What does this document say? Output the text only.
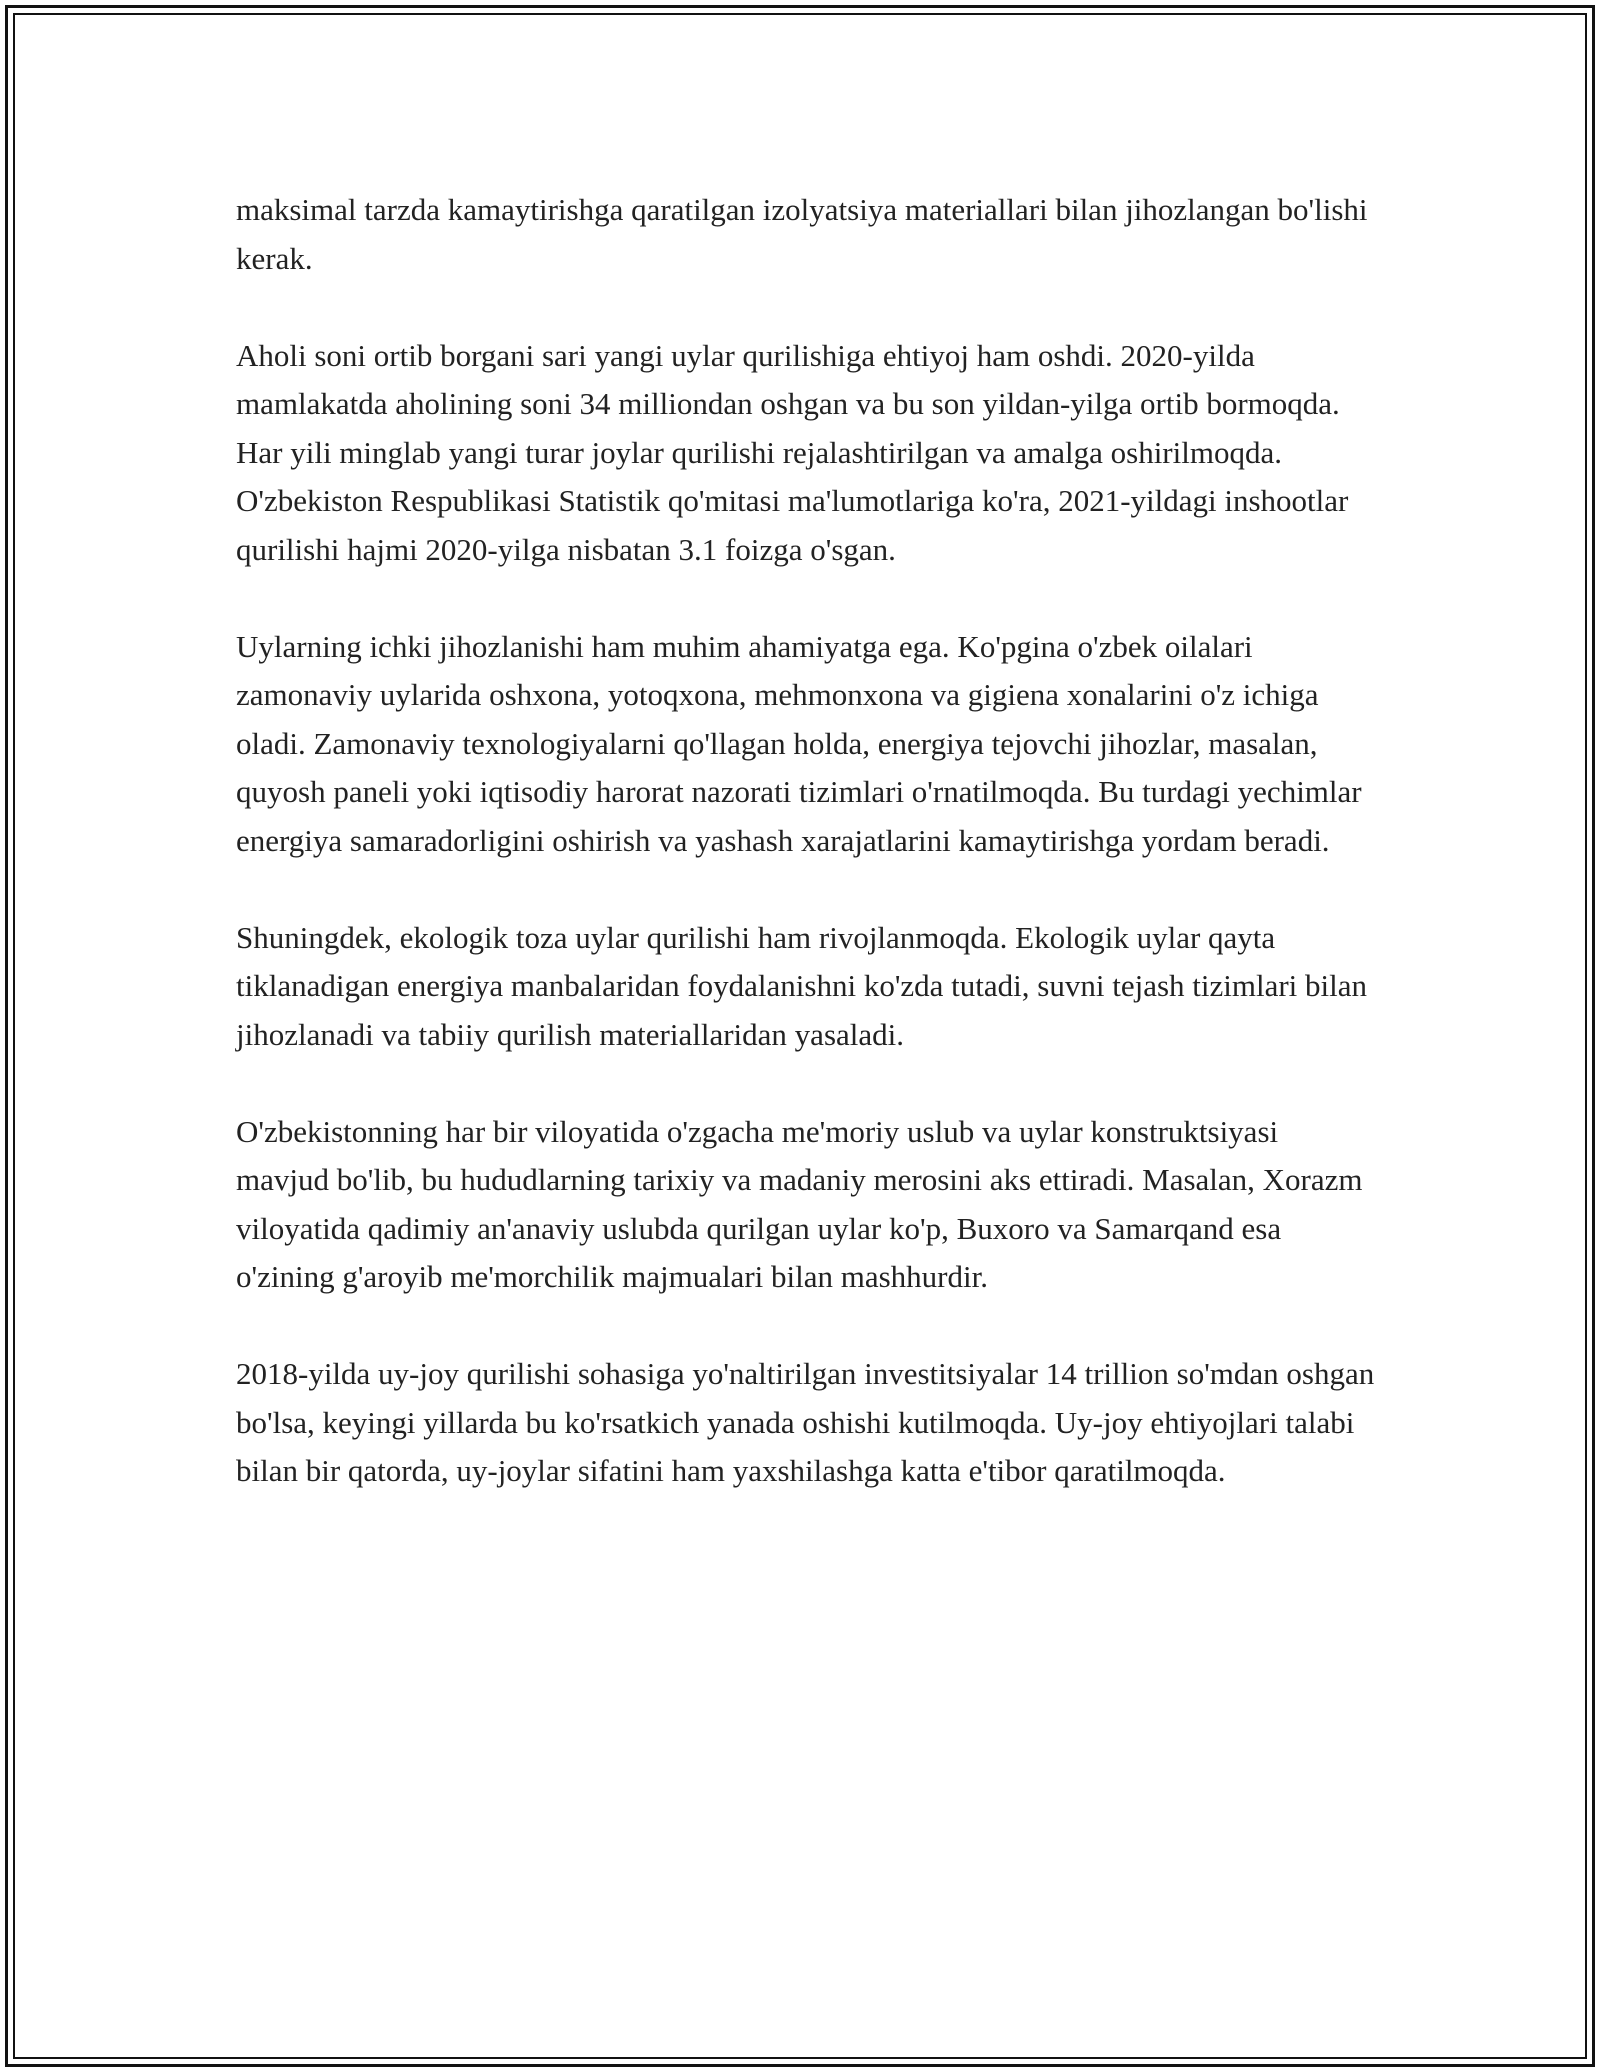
maksimal tarzda kamaytirishga qaratilgan izolyatsiya materiallari bilan jihozlangan bo'lishi kerak.

Aholi soni ortib borgani sari yangi uylar qurilishiga ehtiyoj ham oshdi. 2020-yilda mamlakatda aholining soni 34 milliondan oshgan va bu son yildan-yilga ortib bormoqda. Har yili minglab yangi turar joylar qurilishi rejalashtirilgan va amalga oshirilmoqda. O'zbekiston Respublikasi Statistik qo'mitasi ma'lumotlariga ko'ra, 2021-yildagi inshootlar qurilishi hajmi 2020-yilga nisbatan 3.1 foizga o'sgan.

Uylarning ichki jihozlanishi ham muhim ahamiyatga ega. Ko'pgina o'zbek oilalari zamonaviy uylarida oshxona, yotoqxona, mehmonxona va gigiena xonalarini o'z ichiga oladi. Zamonaviy texnologiyalarni qo'llagan holda, energiya tejovchi jihozlar, masalan, quyosh paneli yoki iqtisodiy harorat nazorati tizimlari o'rnatilmoqda. Bu turdagi yechimlar energiya samaradorligini oshirish va yashash xarajatlarini kamaytirishga yordam beradi.

Shuningdek, ekologik toza uylar qurilishi ham rivojlanmoqda. Ekologik uylar qayta tiklanadigan energiya manbalaridan foydalanishni ko'zda tutadi, suvni tejash tizimlari bilan jihozlanadi va tabiiy qurilish materiallaridan yasaladi.

O'zbekistonning har bir viloyatida o'zgacha me'moriy uslub va uylar konstruktsiyasi mavjud bo'lib, bu hududlarning tarixiy va madaniy merosini aks ettiradi. Masalan, Xorazm viloyatida qadimiy an'anaviy uslubda qurilgan uylar ko'p, Buxoro va Samarqand esa o'zining g'aroyib me'morchilik majmualari bilan mashhurdir.

2018-yilda uy-joy qurilishi sohasiga yo'naltirilgan investitsiyalar 14 trillion so'mdan oshgan bo'lsa, keyingi yillarda bu ko'rsatkich yanada oshishi kutilmoqda. Uy-joy ehtiyojlari talabi bilan bir qatorda, uy-joylar sifatini ham yaxshilashga katta e'tibor qaratilmoqda.
